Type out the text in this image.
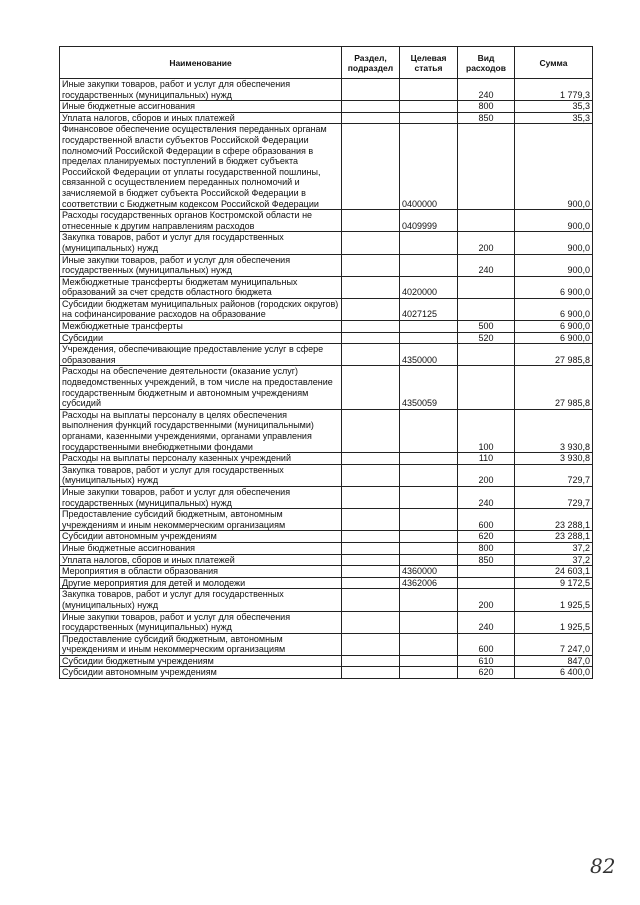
Наименование	Раздел, подраздел	Целевая статья	Вид расходов	Сумма
Иные закупки товаров, работ и услуг для обеспечения государственных (муниципальных) нужд			240	1 779,3
Иные бюджетные ассигнования			800	35,3
Уплата налогов, сборов и иных платежей			850	35,3
Финансовое обеспечение осуществления переданных органам государственной власти субъектов Российской Федерации полномочий Российской Федерации в сфере образования в пределах планируемых поступлений в бюджет субъекта Российской Федерации от уплаты государственной пошлины, связанной с осуществлением переданных полномочий и зачисляемой в бюджет субъекта Российской Федерации в соответствии с Бюджетным кодексом Российской Федерации		0400000		900,0
Расходы государственных органов Костромской области не отнесенные к другим направлениям расходов		0409999		900,0
Закупка товаров, работ и услуг для государственных (муниципальных) нужд			200	900,0
Иные закупки товаров, работ и услуг для обеспечения государственных (муниципальных) нужд			240	900,0
Межбюджетные трансферты бюджетам муниципальных образований за счет средств областного бюджета		4020000		6 900,0
Субсидии бюджетам муниципальных районов (городских округов) на софинансирование расходов на образование		4027125		6 900,0
Межбюджетные трансферты			500	6 900,0
Субсидии			520	6 900,0
Учреждения, обеспечивающие предоставление услуг в сфере образования		4350000		27 985,8
Расходы на обеспечение деятельности (оказание услуг) подведомственных учреждений, в том числе на предоставление государственным бюджетным и автономным учреждениям субсидий		4350059		27 985,8
Расходы на выплаты персоналу в целях обеспечения выполнения функций государственными (муниципальными) органами, казенными учреждениями, органами управления государственными внебюджетными фондами			100	3 930,8
Расходы на выплаты персоналу казенных учреждений			110	3 930,8
Закупка товаров, работ и услуг для государственных (муниципальных) нужд			200	729,7
Иные закупки товаров, работ и услуг для обеспечения государственных (муниципальных) нужд			240	729,7
Предоставление субсидий бюджетным, автономным учреждениям и иным некоммерческим организациям			600	23 288,1
Субсидии автономным учреждениям			620	23 288,1
Иные бюджетные ассигнования			800	37,2
Уплата налогов, сборов и иных платежей			850	37,2
Мероприятия в области образования		4360000		24 603,1
Другие мероприятия для детей и молодежи		4362006		9 172,5
Закупка товаров, работ и услуг для государственных (муниципальных) нужд			200	1 925,5
Иные закупки товаров, работ и услуг для обеспечения государственных (муниципальных) нужд			240	1 925,5
Предоставление субсидий бюджетным, автономным учреждениям и иным некоммерческим организациям			600	7 247,0
Субсидии бюджетным учреждениям			610	847,0
Субсидии автономным учреждениям			620	6 400,0
82
